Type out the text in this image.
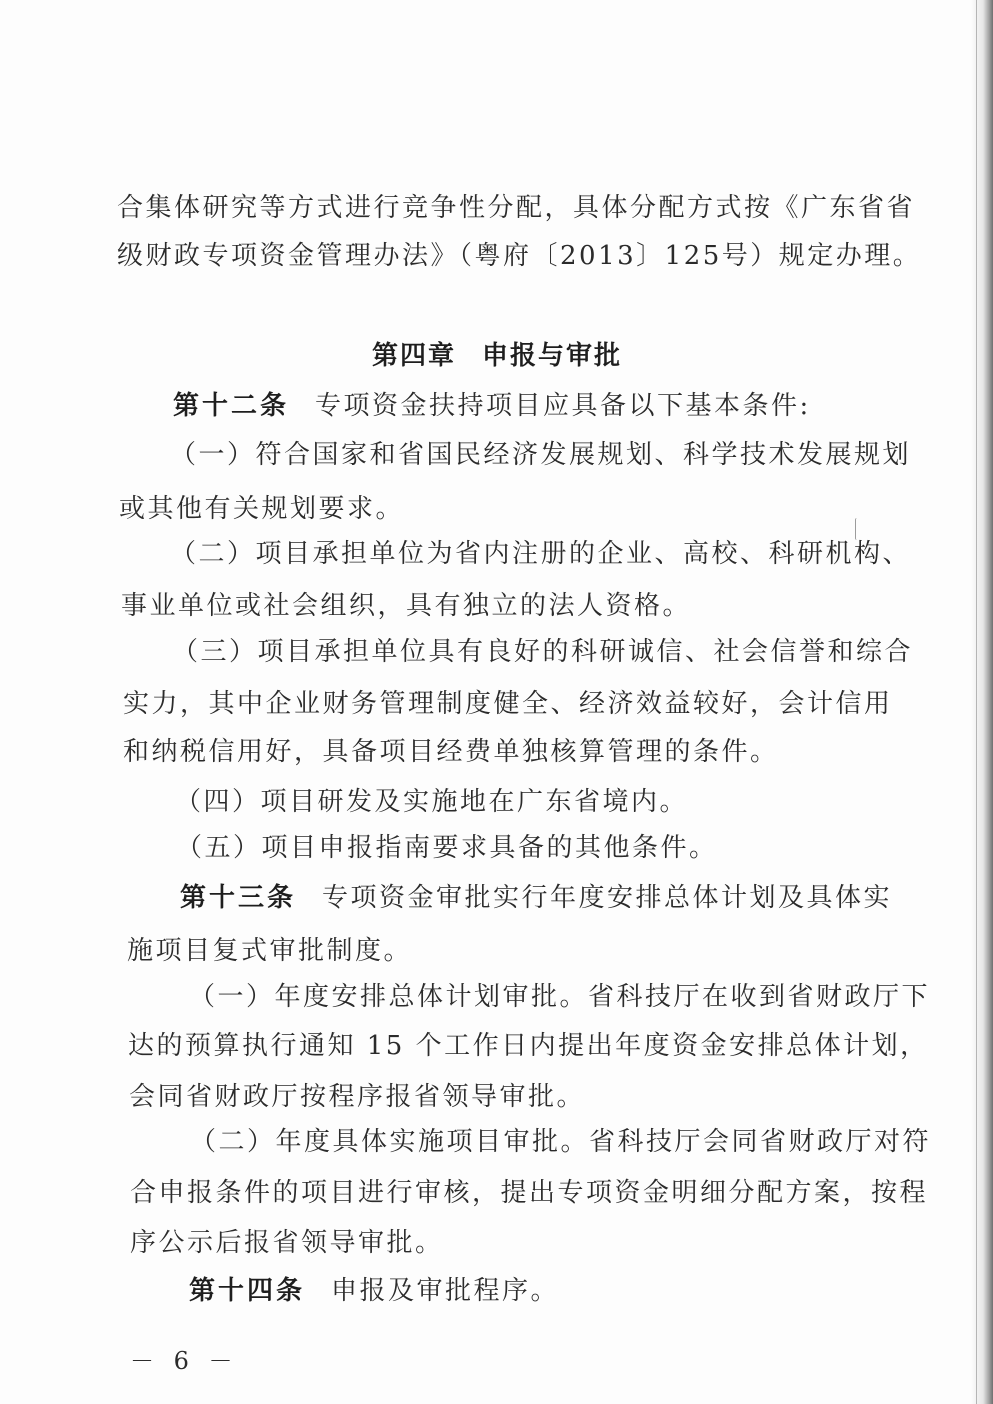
合集体研究等方式进行竞争性分配，具体分配方式按《广东省省
级财政专项资金管理办法》（粤府〔2013〕125号）规定办理。
第四章 申报与审批
第十二条 专项资金扶持项目应具备以下基本条件:
（一）符合国家和省国民经济发展规划、科学技术发展规划
或其他有关规划要求。
（二）项目承担单位为省内注册的企业、高校、科研机构、
事业单位或社会组织，具有独立的法人资格。
（三）项目承担单位具有良好的科研诚信、社会信誉和综合
实力，其中企业财务管理制度健全、经济效益较好，会计信用
和纳税信用好，具备项目经费单独核算管理的条件。
（四）项目研发及实施地在广东省境内。
（五）项目申报指南要求具备的其他条件。
第十三条 专项资金审批实行年度安排总体计划及具体实
施项目复式审批制度。
（一）年度安排总体计划审批。省科技厅在收到省财政厅下
达的预算执行通知 15 个工作日内提出年度资金安排总体计划，
会同省财政厅按程序报省领导审批。
（二）年度具体实施项目审批。省科技厅会同省财政厅对符
合申报条件的项目进行审核，提出专项资金明细分配方案，按程
序公示后报省领导审批。
第十四条 申报及审批程序。
－ 6 －
